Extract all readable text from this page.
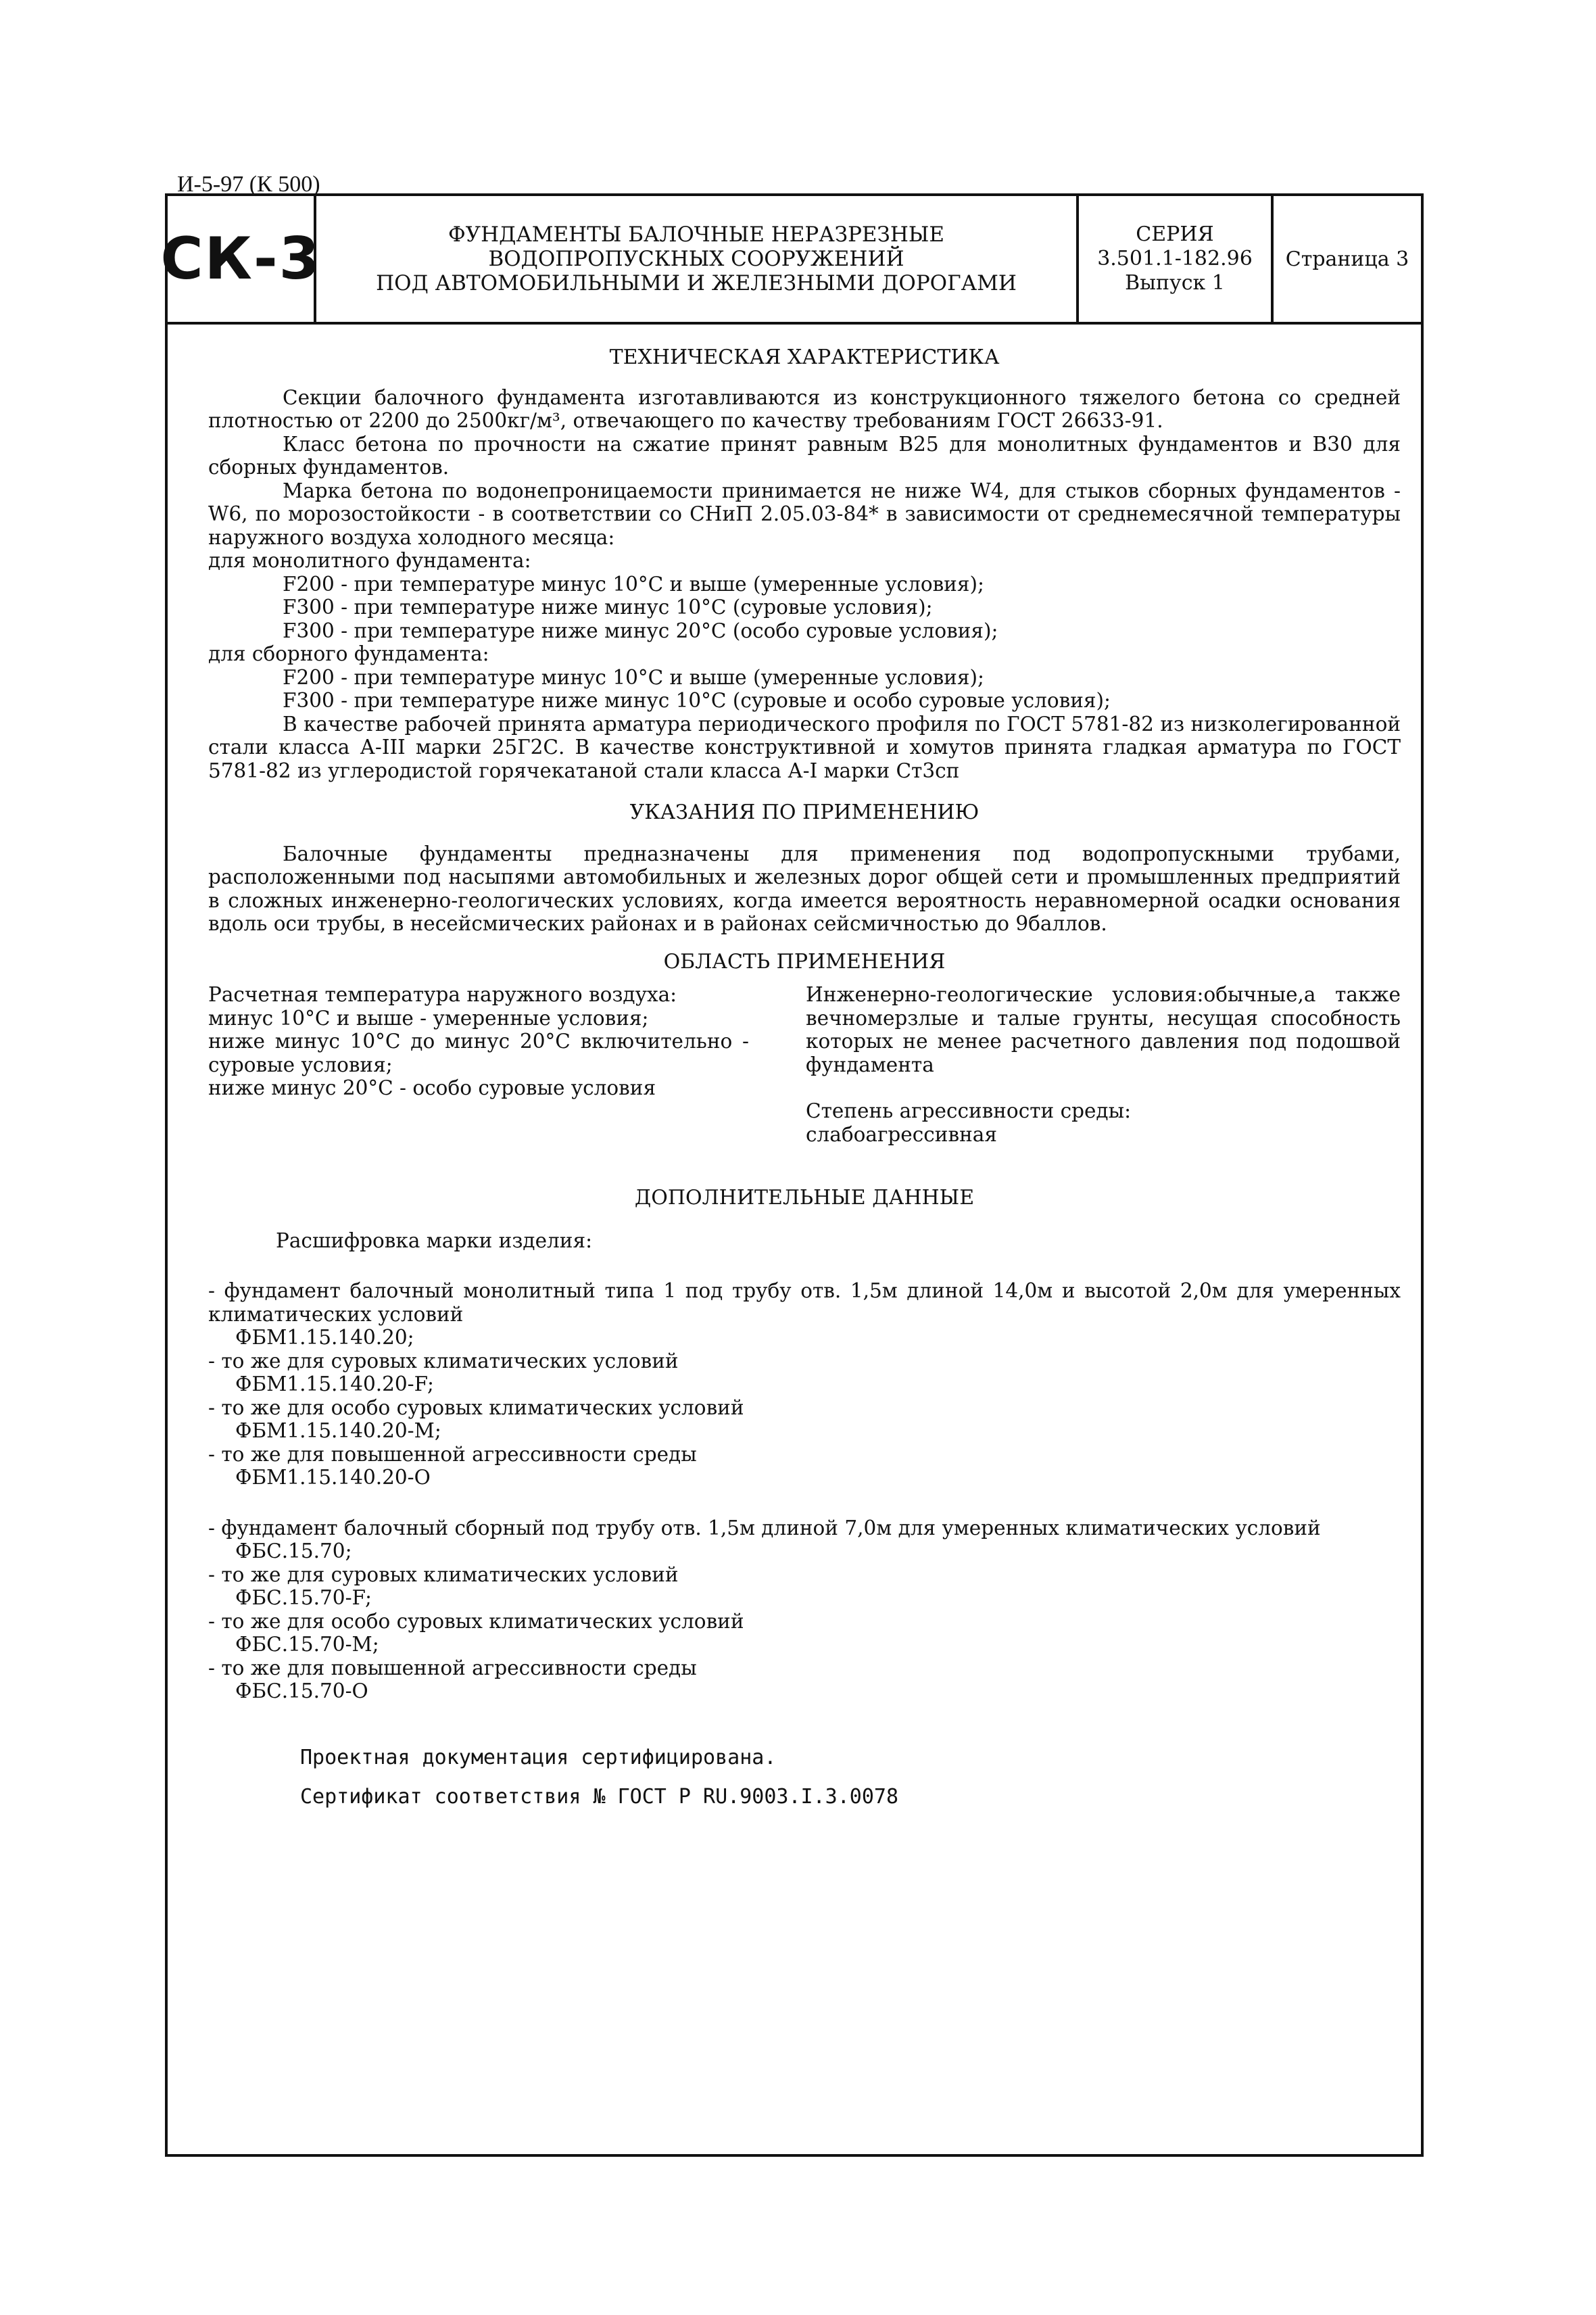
И-5-97 (К 500)
СК-3	ФУНДАМЕНТЫ БАЛОЧНЫЕ НЕРАЗРЕЗНЫЕ
ВОДОПРОПУСКНЫХ СООРУЖЕНИЙ
ПОД АВТОМОБИЛЬНЫМИ И ЖЕЛЕЗНЫМИ ДОРОГАМИ
СЕРИЯ
3.501.1-182.96
Выпуск 1
Страница 3
ТЕХНИЧЕСКАЯ ХАРАКТЕРИСТИКА

Секции балочного фундамента изготавливаются из конструкционного тяжелого бетона со средней плотностью от 2200 до 2500кг/м³, отвечающего по качеству требованиям ГОСТ 26633-91.

Класс бетона по прочности на сжатие принят равным В25 для монолитных фундаментов и В30 для сборных фундаментов.

Марка бетона по водонепроницаемости принимается не ниже W4, для стыков сборных фундаментов - W6, по морозостойкости - в соответствии со СНиП 2.05.03-84* в зависимости от среднемесячной температуры наружного воздуха холодного месяца:

для монолитного фундамента:

F200 - при температуре минус 10°С и выше (умеренные условия);

F300 - при температуре ниже минус 10°С (суровые условия);

F300 - при температуре ниже минус 20°С (особо суровые условия);

для сборного фундамента:

F200 - при температуре минус 10°С и выше (умеренные условия);

F300 - при температуре ниже минус 10°С (суровые и особо суровые условия);

В качестве рабочей принята арматура периодического профиля по ГОСТ 5781-82 из низколегированной стали класса А-III марки 25Г2С. В качестве конструктивной и хомутов принята гладкая арматура по ГОСТ 5781-82 из углеродистой горячекатаной стали класса А-I марки Ст3сп

УКАЗАНИЯ ПО ПРИМЕНЕНИЮ

Балочные фундаменты предназначены для применения под водопропускными трубами, расположенными под насыпями автомобильных и железных дорог общей сети и промышленных предприятий в сложных инженерно-геологических условиях, когда имеется вероятность неравномерной осадки основания вдоль оси трубы, в несейсмических районах и в районах сейсмичностью до 9баллов.

ОБЛАСТЬ ПРИМЕНЕНИЯ

Расчетная температура наружного воздуха:

минус 10°С и выше - умеренные условия;

ниже минус 10°С до минус 20°С включительно - суровые условия;

ниже минус 20°С - особо суровые условия

Инженерно-геологические условия:обычные,а также вечномерзлые и талые грунты, несущая способность которых не менее расчетного давления под подошвой фундамента

Степень агрессивности среды: слабоагрессивная

ДОПОЛНИТЕЛЬНЫЕ ДАННЫЕ

Расшифровка марки изделия:

- фундамент балочный монолитный типа 1 под трубу отв. 1,5м длиной 14,0м и высотой 2,0м для умеренных климатических условий

ФБМ1.15.140.20;

- то же для суровых климатических условий

ФБМ1.15.140.20-F;

- то же для особо суровых климатических условий

ФБМ1.15.140.20-М;

- то же для повышенной агрессивности среды

ФБМ1.15.140.20-О

- фундамент балочный сборный под трубу отв. 1,5м длиной 7,0м для умеренных климатических условий

ФБС.15.70;

- то же для суровых климатических условий

ФБС.15.70-F;

- то же для особо суровых климатических условий

ФБС.15.70-М;

- то же для повышенной агрессивности среды

ФБС.15.70-О

Проектная документация сертифицирована.

Сертификат соответствия № ГОСТ Р RU.9003.I.3.0078
